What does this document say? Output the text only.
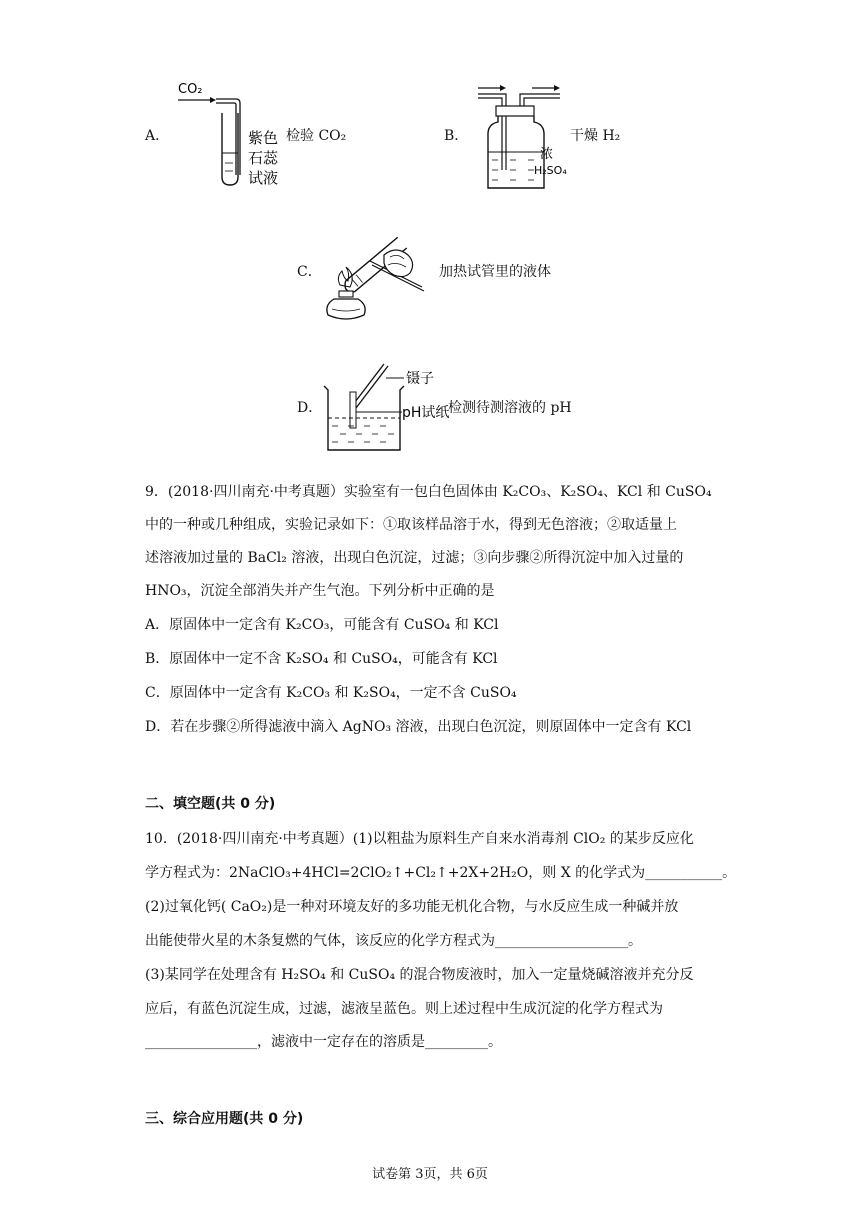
A．
CO₂
紫色
石蕊
试液
检验 CO₂	B．
浓
H₂SO₄
干燥 H₂
C．	加热试管里的液体
D．
镊子
pH试纸
检测待测溶液的 pH
9．(2018·四川南充·中考真题）实验室有一包白色固体由 K₂CO₃、K₂SO₄、KCl 和 CuSO₄
中的一种或几种组成，实验记录如下：①取该样品溶于水，得到无色溶液；②取适量上
述溶液加过量的 BaCl₂ 溶液，出现白色沉淀，过滤；③向步骤②所得沉淀中加入过量的
HNO₃，沉淀全部消失并产生气泡。下列分析中正确的是
A．原固体中一定含有 K₂CO₃，可能含有 CuSO₄ 和 KCl
B．原固体中一定不含 K₂SO₄ 和 CuSO₄，可能含有 KCl
C．原固体中一定含有 K₂CO₃ 和 K₂SO₄，一定不含 CuSO₄
D．若在步骤②所得滤液中滴入 AgNO₃ 溶液，出现白色沉淀，则原固体中一定含有 KCl
二、填空题(共 0 分)
10．(2018·四川南充·中考真题）(1)以粗盐为原料生产自来水消毒剂 ClO₂ 的某步反应化
学方程式为：2NaClO₃+4HCl=2ClO₂↑+Cl₂↑+2X+2H₂O，则 X 的化学式为___________。
(2)过氧化钙( CaO₂)是一种对环境友好的多功能无机化合物，与水反应生成一种碱并放
出能使带火星的木条复燃的气体，该反应的化学方程式为___________________。
(3)某同学在处理含有 H₂SO₄ 和 CuSO₄ 的混合物废液时，加入一定量烧碱溶液并充分反
应后，有蓝色沉淀生成，过滤，滤液呈蓝色。则上述过程中生成沉淀的化学方程式为
________________，滤液中一定存在的溶质是_________。
三、综合应用题(共 0 分)
试卷第 3页，共 6页
